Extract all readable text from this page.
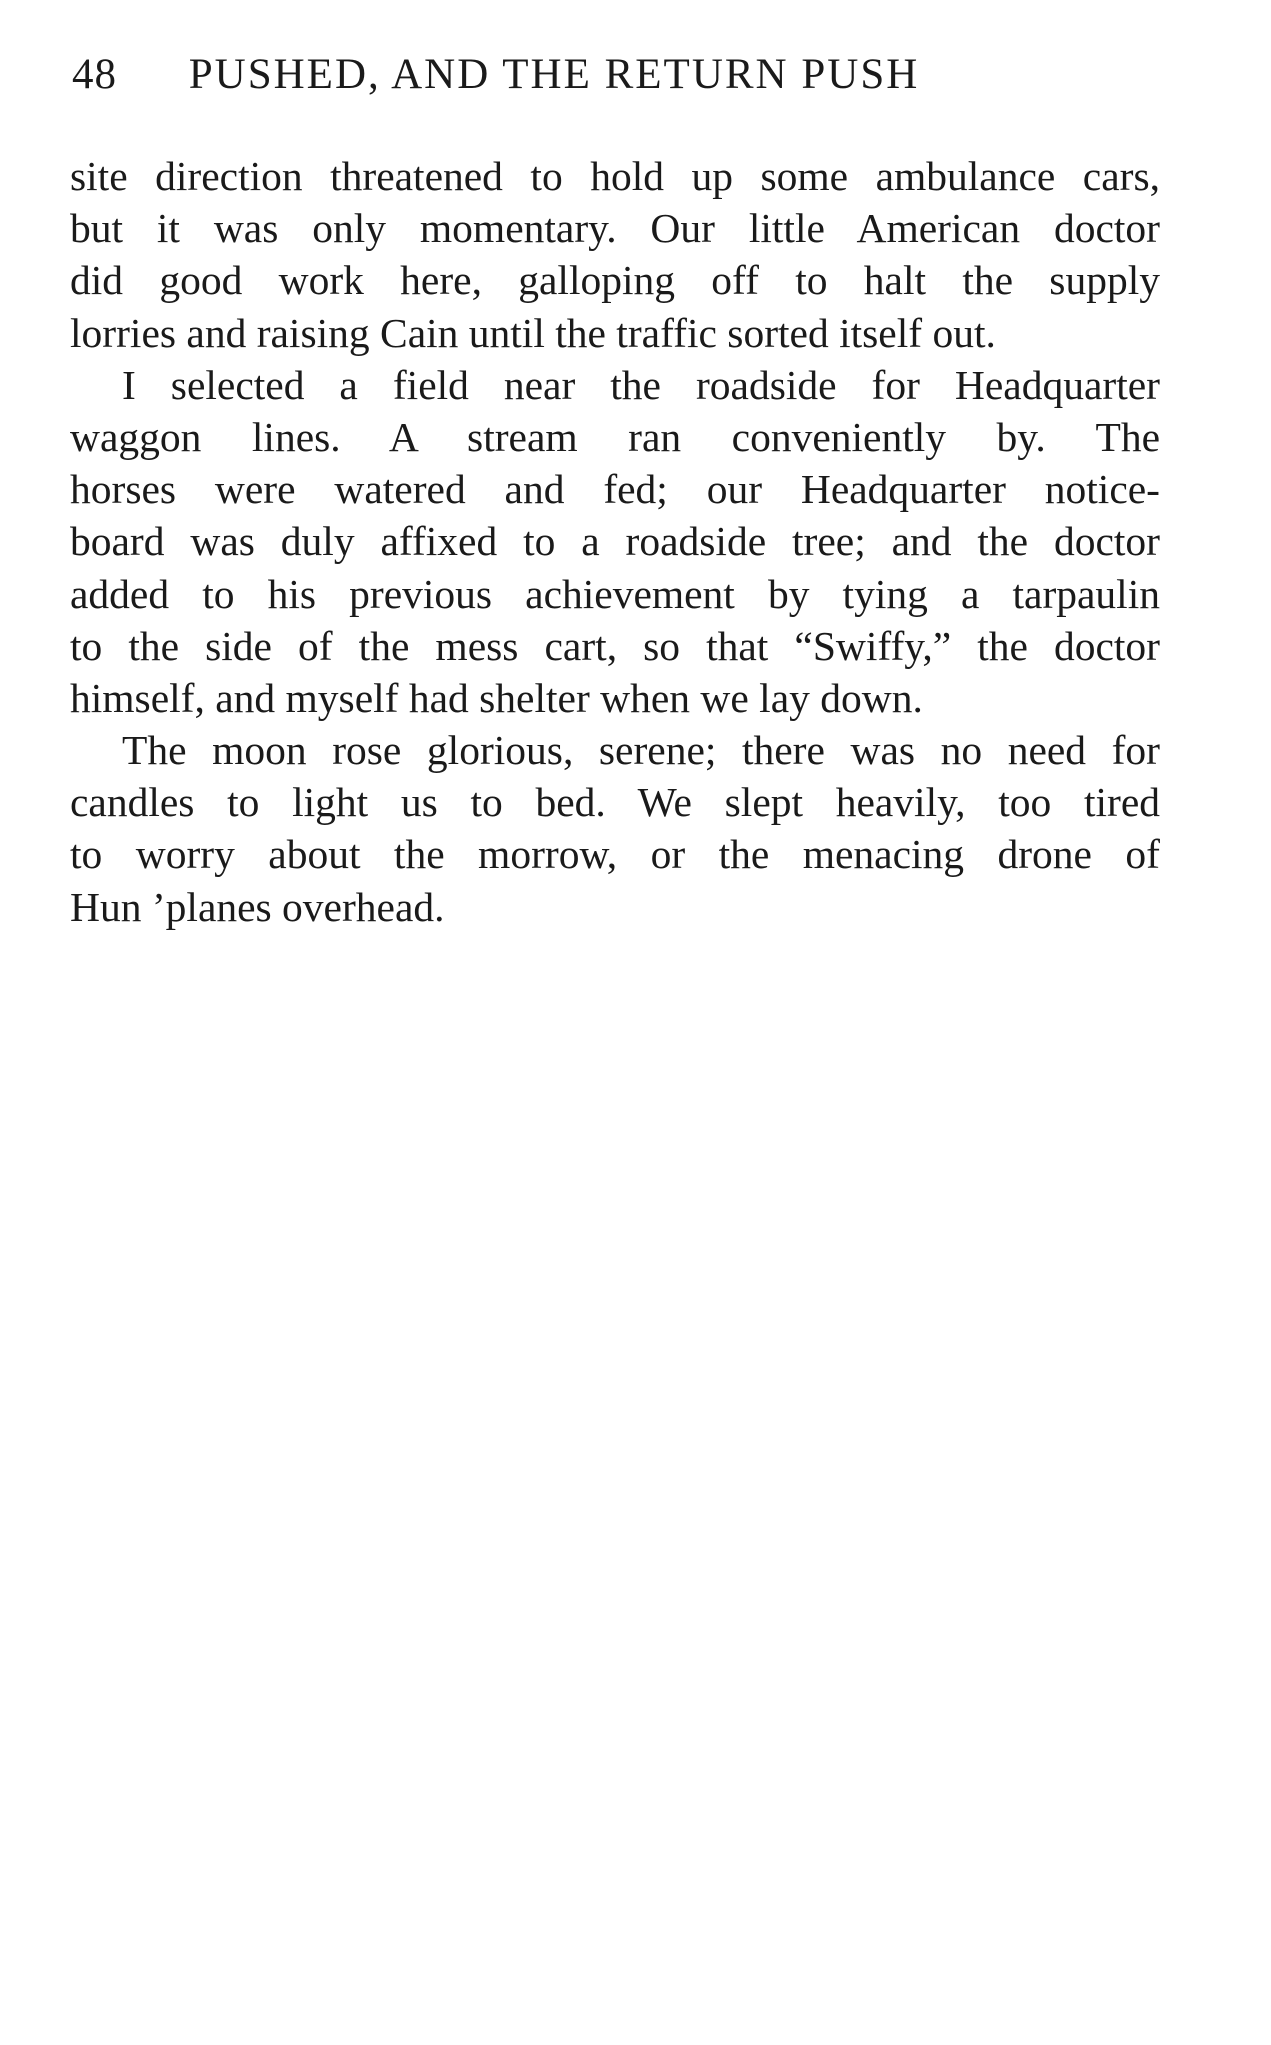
48 PUSHED, AND THE RETURN PUSH
site direction threatened to hold up some ambulance cars,
but it was only momentary. Our little American doctor
did good work here, galloping off to halt the supply
lorries and raising Cain until the traffic sorted itself out.
I selected a field near the roadside for Headquarter
waggon lines. A stream ran conveniently by. The
horses were watered and fed; our Headquarter notice-
board was duly affixed to a roadside tree; and the doctor
added to his previous achievement by tying a tarpaulin
to the side of the mess cart, so that “Swiffy,” the doctor
himself, and myself had shelter when we lay down.
The moon rose glorious, serene; there was no need for
candles to light us to bed. We slept heavily, too tired
to worry about the morrow, or the menacing drone of
Hun ’planes overhead.
